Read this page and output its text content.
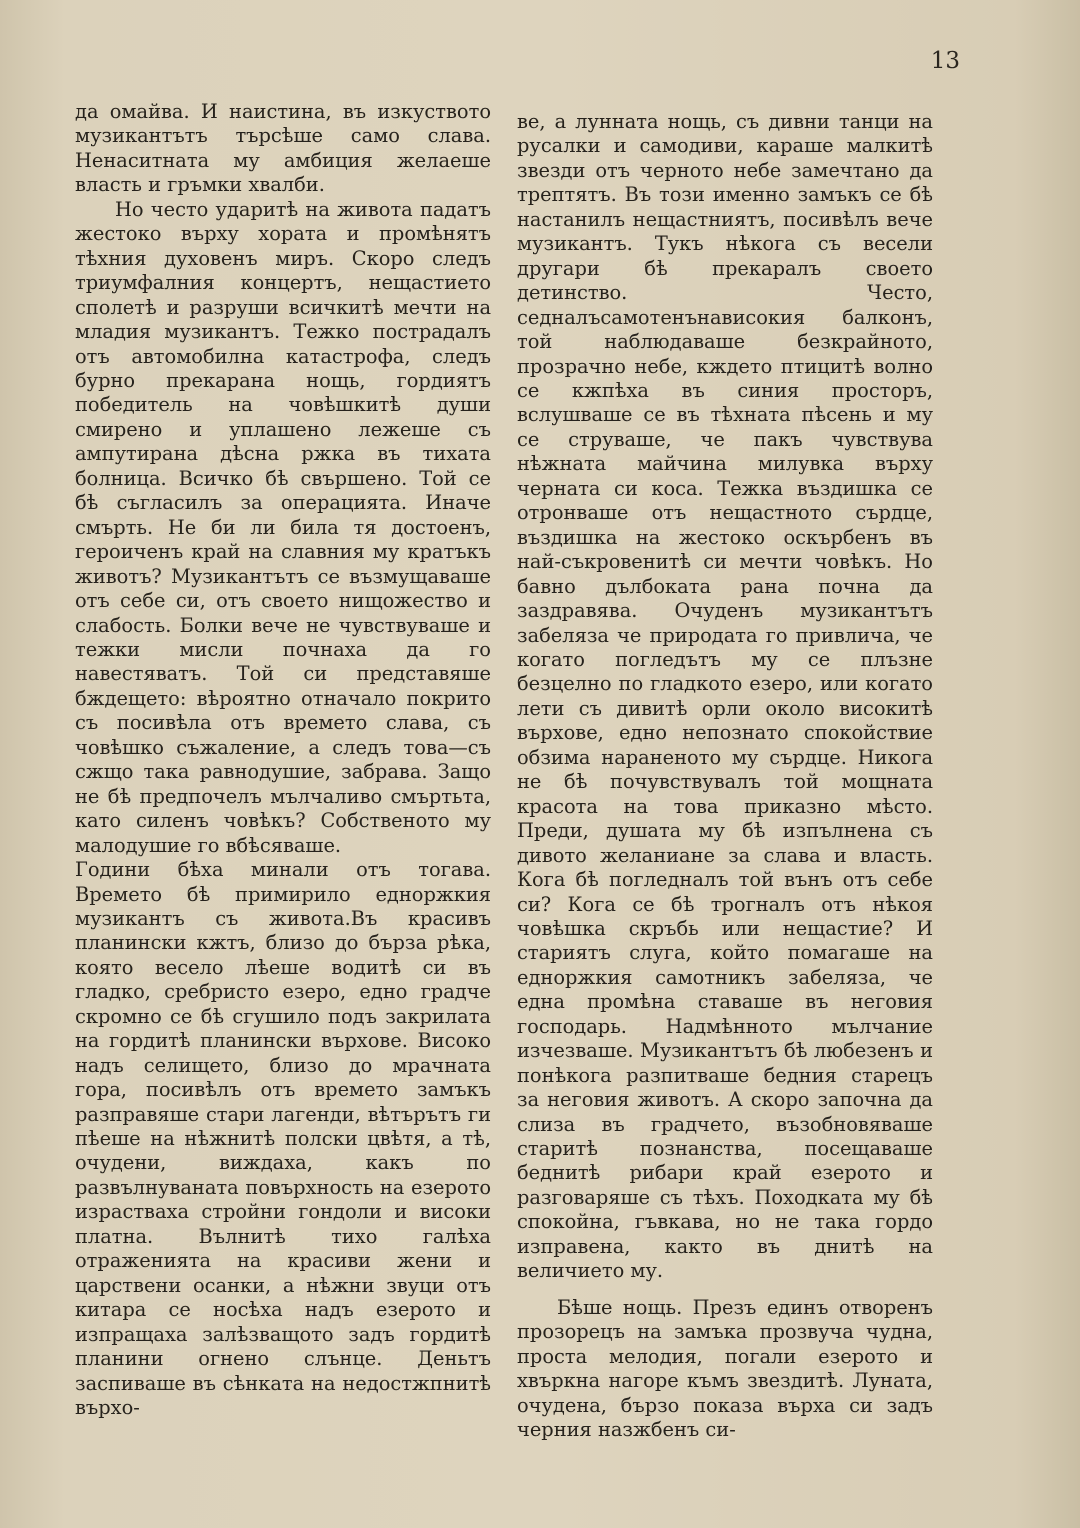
13

да омайва. И наистина, въ изкуството музикантътъ търсѣше само слава. Ненаситната му амбиция желаеше власть и гръмки хвалби.

Но често ударитѣ на живота падатъ жестоко върху хората и промѣнятъ тѣхния духовенъ миръ. Скоро следъ триумфалния концертъ, нещастието сполетѣ и разруши всичкитѣ мечти на младия музикантъ. Тежко пострадалъ отъ автомобилна катастрофа, следъ бурно прекарана нощь, гордиятъ победитель на човѣшкитѣ души смирено и уплашено лежеше съ ампутирана дѣсна ржка въ тихата болница. Всичко бѣ свършено. Той се бѣ съгласилъ за операцията. Иначе смърть. Не би ли била тя достоенъ, героиченъ край на славния му кратъкъ животъ? Музикантътъ се възмущаваше отъ себе си, отъ своето нищожество и слабость. Болки вече не чувствуваше и тежки мисли почнаха да го навестяватъ. Той си представяше бждещето: вѣроятно отначало покрито съ посивѣла отъ времето слава, съ човѣшко съжаление, а следъ това—съ сжщо така равнодушие, забрава. Защо не бѣ предпочелъ мълчаливо смъртьта, като силенъ човѣкъ? Собственото му малодушие го вбѣсяваше.

Години бѣха минали отъ тогава. Времето бѣ примирило едноржкия музикантъ съ живота.Въ красивъ планински кжтъ, близо до бърза рѣка, която весело лѣеше водитѣ си въ гладко, сребристо езеро, едно градче скромно се бѣ сгушило подъ закрилата на гордитѣ планински върхове. Високо надъ селището, близо до мрачната гора, посивѣлъ отъ времето замъкъ разправяше стари лагенди, вѣтърътъ ги пѣеше на нѣжнитѣ полски цвѣтя, а тѣ, очудени, виждаха, какъ по развълнуваната повърхность на езерото израстваха стройни гондоли и високи платна. Вълнитѣ тихо галѣха отраженията на красиви жени и царствени осанки, а нѣжни звуци отъ китара се носѣха надъ езерото и изпращаха залѣзващото задъ гордитѣ планини огнено слънце. Деньтъ заспиваше въ сѣнката на недостжпнитѣ върхо-

ве, а лунната нощь, съ дивни танци на русалки и самодиви, караше малкитѣ звезди отъ черното небе замечтано да трептятъ. Въ този именно замъкъ се бѣ настанилъ нещастниятъ, посивѣлъ вече музикантъ. Тукъ нѣкога съ весели другари бѣ прекаралъ своето детинство. Често, седналъсамотенънависокия балконъ, той наблюдаваше безкрайното, прозрачно небе, кждето птицитѣ волно се кжпѣха въ синия просторъ, вслушваше се въ тѣхната пѣсень и му се струваше, че пакъ чувствува нѣжната майчина милувка върху черната си коса. Тежка въздишка се отронваше отъ нещастното сърдце, въздишка на жестоко оскърбенъ въ най-съкровенитѣ си мечти човѣкъ. Но бавно дълбоката рана почна да заздравява. Очуденъ музикантътъ забеляза че природата го привлича, че когато погледътъ му се плъзне безцелно по гладкото езеро, или когато лети съ дивитѣ орли около високитѣ върхове, едно непознато спокойствие обзима нараненото му сърдце. Никога не бѣ почувствувалъ той мощната красота на това приказно мѣсто. Преди, душата му бѣ изпълнена съ дивото желаниане за слава и власть. Кога бѣ погледналъ той вънъ отъ себе си? Кога се бѣ трогналъ отъ нѣкоя човѣшка скръбь или нещастие? И стариятъ слуга, който помагаше на едноржкия самотникъ забеляза, че една промѣна ставаше въ неговия господарь. Надмѣнното мълчание изчезваше. Музикантътъ бѣ любезенъ и понѣкога разпитваше бедния старецъ за неговия животъ. А скоро започна да слиза въ градчето, възобновяваше старитѣ познанства, посещаваше беднитѣ рибари край езерото и разговаряше съ тѣхъ. Походката му бѣ спокойна, гъвкава, но не така гордо изправена, както въ днитѣ на величието му.

Бѣше нощь. Презъ единъ отворенъ прозорецъ на замъка прозвуча чудна, проста мелодия, погали езерото и хвъркна нагоре къмъ звездитѣ. Луната, очудена, бързо показа върха си задъ черния назжбенъ си-
